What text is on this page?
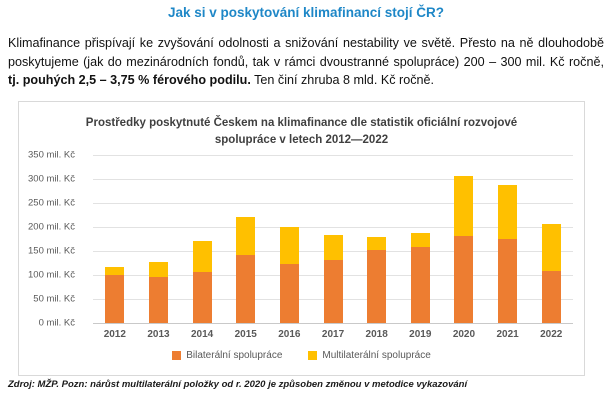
Jak si v poskytování klimafinancí stojí ČR?

Klimafinance přispívají ke zvyšování odolnosti a snižování nestability ve světě. Přesto na ně dlouhodobě poskytujeme (jak do mezinárodních fondů, tak v rámci dvoustranné spolupráce) 200 – 300 mil. Kč ročně, tj. pouhých 2,5 – 3,75 % férového podilu. Ten činí zhruba 8 mld. Kč ročně.

Prostředky poskytnuté Českem na klimafinance dle statistik oficiální rozvojové spolupráce v letech 2012—2022
0 mil. Kč
50 mil. Kč
100 mil. Kč
150 mil. Kč
200 mil. Kč
250 mil. Kč
300 mil. Kč
350 mil. Kč
2012	2013	2014	2015	2016	2017	2018	2019	2020	2021	2022
Bilaterální spolupráce	Multilaterální spolupráce
Zdroj: MŽP. Pozn: nárůst multilaterální položky od r. 2020 je způsoben změnou v metodice vykazování
